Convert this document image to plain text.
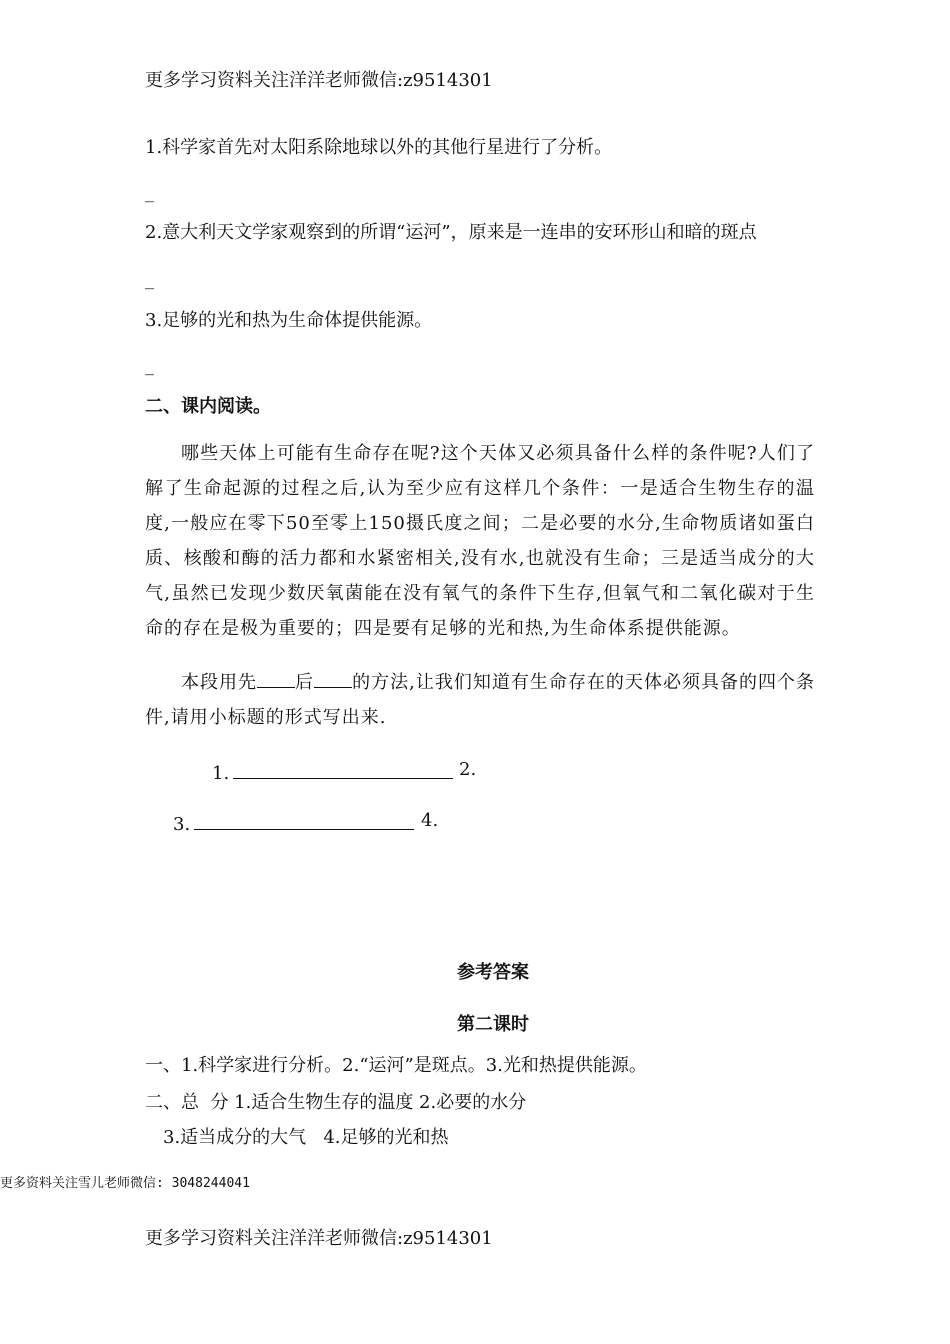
更多学习资料关注洋洋老师微信:z9514301
1.科学家首先对太阳系除地球以外的其他行星进行了分析。
_
2.意大利天文学家观察到的所谓“运河”，原来是一连串的安环形山和暗的斑点
_
3.足够的光和热为生命体提供能源。
_
二、课内阅读。
哪些天体上可能有生命存在呢?这个天体又必须具备什么样的条件呢?人们了解了生命起源的过程之后,认为至少应有这样几个条件：一是适合生物生存的温度,一般应在零下50至零上150摄氏度之间；二是必要的水分,生命物质诸如蛋白质、核酸和酶的活力都和水紧密相关,没有水,也就没有生命；三是适当成分的大气,虽然已发现少数厌氧菌能在没有氧气的条件下生存,但氧气和二氧化碳对于生命的存在是极为重要的；四是要有足够的光和热,为生命体系提供能源。
本段用先 后 的方法,让我们知道有生命存在的天体必须具备的四个条件,请用小标题的形式写出来.
1.	2.
3.	4.
参考答案
第二课时
一、1.科学家进行分析。2.“运河”是斑点。3.光和热提供能源。
二、总  分 1.适合生物生存的温度 2.必要的水分
3.适当成分的大气   4.足够的光和热
更多资料关注雪儿老师微信: 3048244041
更多学习资料关注洋洋老师微信:z9514301
